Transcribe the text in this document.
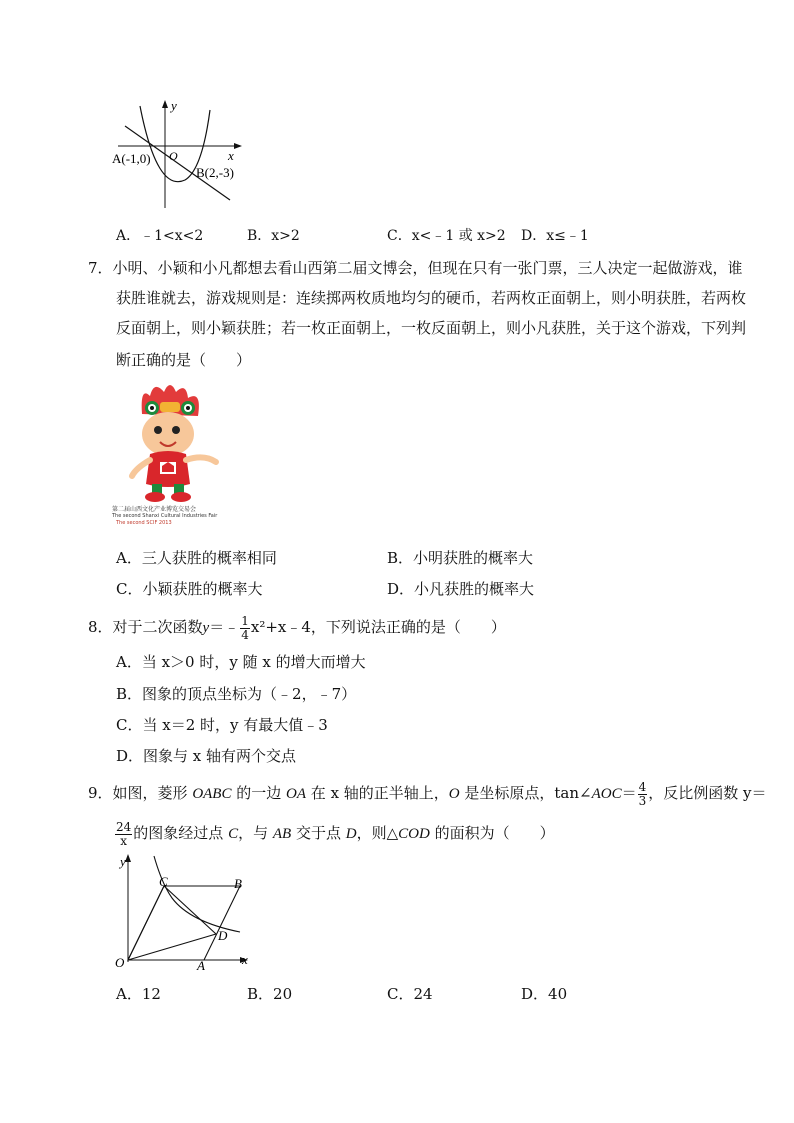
y
x
O
A(-1,0)
B(2,-3)
A．﹣1<x<2	B．x>2	C．x<﹣1 或 x>2 D．x≤﹣1
7．小明、小颖和小凡都想去看山西第二届文博会，但现在只有一张门票，三人决定一起做游戏，谁
获胜谁就去，游戏规则是：连续掷两枚质地均匀的硬币，若两枚正面朝上，则小明获胜，若两枚
反面朝上，则小颖获胜；若一枚正面朝上，一枚反面朝上，则小凡获胜，关于这个游戏，下列判
断正确的是（　　）
第二届山西文化产业博览交易会
The second Shanxi Cultural Industries Fair
The second SCIF 2013
A．三人获胜的概率相同	B．小明获胜的概率大
C．小颖获胜的概率大	D．小凡获胜的概率大
8．对于二次函数y＝﹣ $\frac{1}{4}$ x²+x﹣4，下列说法正确的是（　　）
A．当 x＞0 时，y 随 x 的增大而增大
B．图象的顶点坐标为（﹣2，﹣7）
C．当 x＝2 时，y 有最大值﹣3
D．图象与 x 轴有两个交点
9．如图，菱形 OABC 的一边 OA 在 x 轴的正半轴上，O 是坐标原点，tan∠AOC＝ $\frac{4}{3}$ ，反比例函数 y＝
$\frac{24}{x}$ 的图象经过点 C，与 AB 交于点 D，则△COD 的面积为（　　）
y
x
O	A
B
C
D
A．12	B．20	C．24	D．40
